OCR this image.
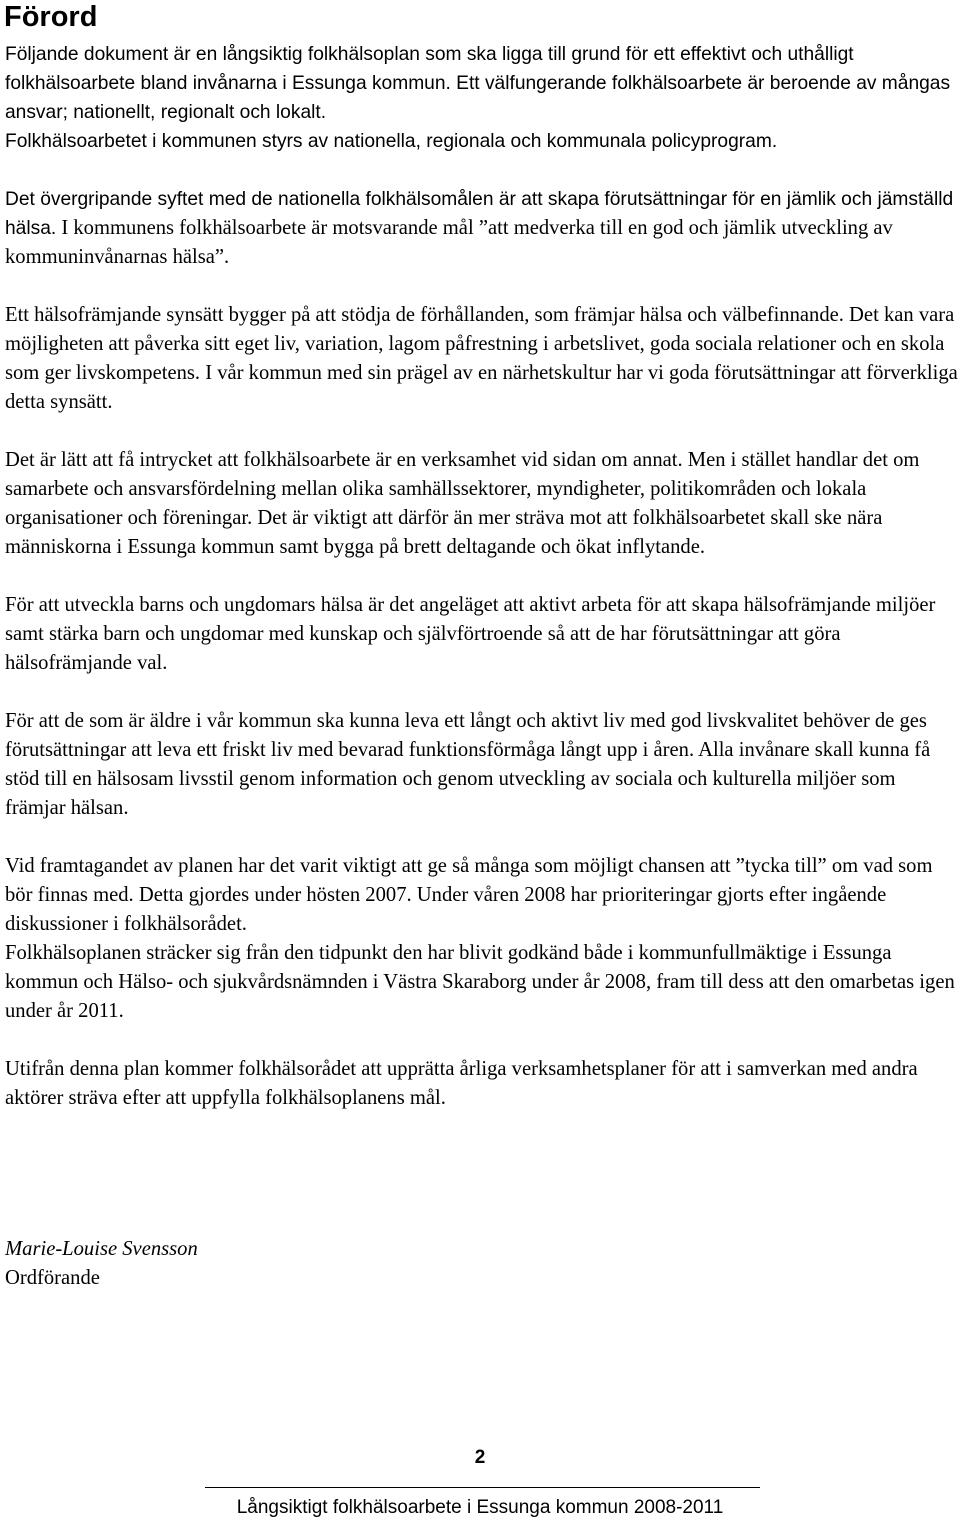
Förord

Följande dokument är en långsiktig folkhälsoplan som ska ligga till grund för ett effektivt och uthålligt folkhälsoarbete bland invånarna i Essunga kommun. Ett välfungerande folkhälsoarbete är beroende av mångas ansvar; nationellt, regionalt och lokalt.
Folkhälsoarbetet i kommunen styrs av nationella, regionala och kommunala policyprogram.

Det övergripande syftet med de nationella folkhälsomålen är att skapa förutsättningar för en jämlik och jämställd hälsa. I kommunens folkhälsoarbete är motsvarande mål ”att medverka till en god och jämlik utveckling av kommuninvånarnas hälsa”.

Ett hälsofrämjande synsätt bygger på att stödja de förhållanden, som främjar hälsa och välbefinnande. Det kan vara möjligheten att påverka sitt eget liv, variation, lagom påfrestning i arbetslivet, goda sociala relationer och en skola som ger livskompetens. I vår kommun med sin prägel av en närhetskultur har vi goda förutsättningar att förverkliga detta synsätt.

Det är lätt att få intrycket att folkhälsoarbete är en verksamhet vid sidan om annat. Men i stället handlar det om samarbete och ansvarsfördelning mellan olika samhällssektorer, myndigheter, politikområden och lokala organisationer och föreningar. Det är viktigt att därför än mer sträva mot att folkhälsoarbetet skall ske nära människorna i Essunga kommun samt bygga på brett deltagande och ökat inflytande.

För att utveckla barns och ungdomars hälsa är det angeläget att aktivt arbeta för att skapa hälsofrämjande miljöer samt stärka barn och ungdomar med kunskap och självförtroende så att de har förutsättningar att göra hälsofrämjande val.

För att de som är äldre i vår kommun ska kunna leva ett långt och aktivt liv med god livskvalitet behöver de ges förutsättningar att leva ett friskt liv med bevarad funktionsförmåga långt upp i åren. Alla invånare skall kunna få stöd till en hälsosam livsstil genom information och genom utveckling av sociala och kulturella miljöer som främjar hälsan.

Vid framtagandet av planen har det varit viktigt att ge så många som möjligt chansen att ”tycka till” om vad som bör finnas med. Detta gjordes under hösten 2007. Under våren 2008 har prioriteringar gjorts efter ingående diskussioner i folkhälsorådet.

Folkhälsoplanen sträcker sig från den tidpunkt den har blivit godkänd både i kommunfullmäktige i Essunga kommun och Hälso- och sjukvårdsnämnden i Västra Skaraborg under år 2008, fram till dess att den omarbetas igen under år 2011.

Utifrån denna plan kommer folkhälsorådet att upprätta årliga verksamhetsplaner för att i samverkan med andra aktörer sträva efter att uppfylla folkhälsoplanens mål.

Marie-Louise Svensson
Ordförande
2
Långsiktigt folkhälsoarbete i Essunga kommun 2008-2011
